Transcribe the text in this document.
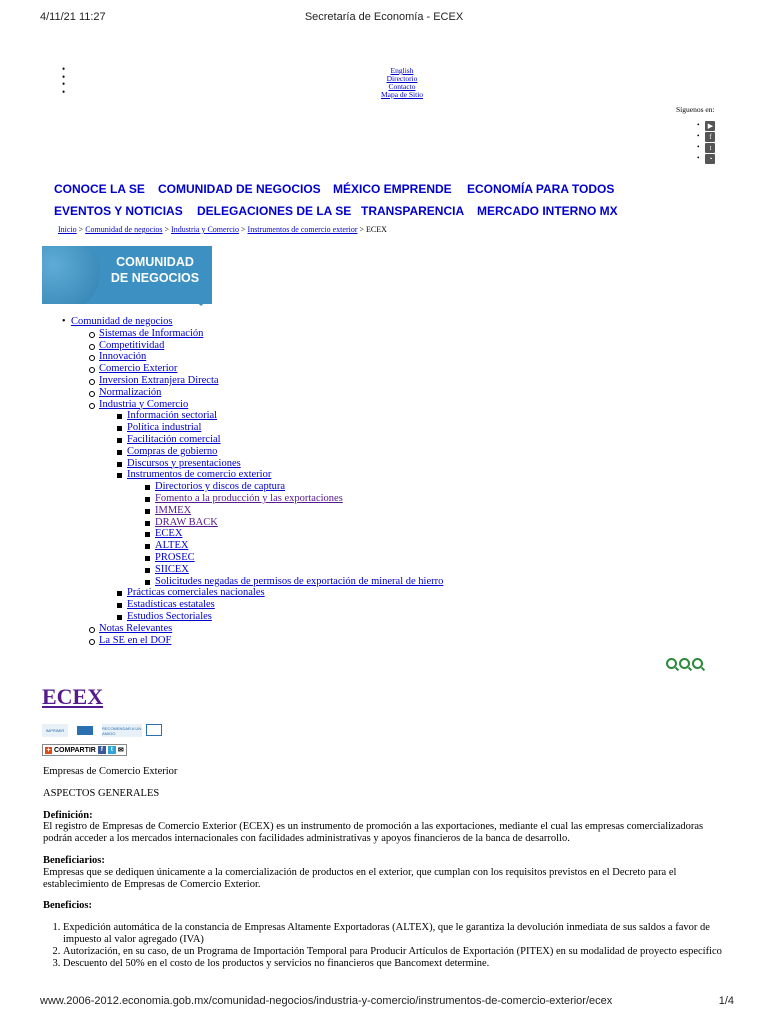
4/11/21 11:27	Secretaría de Economía - ECEX
•
•
•
•
English
Directorio
Contacto
Mapa de Sitio
Síguenos en:
•	▶
•	f
•	t
•	◔
CONOCE LA SE COMUNIDAD DE NEGOCIOS MÉXICO EMPRENDE ECONOMÍA PARA TODOS
EVENTOS Y NOTICIAS DELEGACIONES DE LA SE TRANSPARENCIA MERCADO INTERNO MX
Inicio > Comunidad de negocios > Industria y Comercio > Instrumentos de comercio exterior > ECEX
COMUNIDAD
DE NEGOCIOS
• Comunidad de negocios
Sistemas de Información
Competitividad
Innovación
Comercio Exterior
Inversion Extranjera Directa
Normalización
Industria y Comercio
Información sectorial
Política industrial
Facilitación comercial
Compras de gobierno
Discursos y presentaciones
Instrumentos de comercio exterior
Directorios y discos de captura
Fomento a la producción y las exportaciones
IMMEX
DRAW BACK
ECEX
ALTEX
PROSEC
SIICEX
Solicitudes negadas de permisos de exportación de mineral de hierro
Prácticas comerciales nacionales
Estadísticas estatales
Estudios Sectoriales
Notas Relevantes
La SE en el DOF
ECEX
IMPRIMIR	RECOMENDAR A UN AMIGO
+ COMPARTIR f	t ✉

Empresas de Comercio Exterior

ASPECTOS GENERALES

Definición:

El registro de Empresas de Comercio Exterior (ECEX) es un instrumento de promoción a las exportaciones, mediante el cual las empresas comercializadoras podrán acceder a los mercados internacionales con facilidades administrativas y apoyos financieros de la banca de desarrollo.

Beneficiarios:

Empresas que se dediquen únicamente a la comercialización de productos en el exterior, que cumplan con los requisitos previstos en el Decreto para el establecimiento de Empresas de Comercio Exterior.

Beneficios:

1. Expedición automática de la constancia de Empresas Altamente Exportadoras (ALTEX), que le garantiza la devolución inmediata de sus saldos a favor de impuesto al valor agregado (IVA)
2. Autorización, en su caso, de un Programa de Importación Temporal para Producir Artículos de Exportación (PITEX) en su modalidad de proyecto específico
3. Descuento del 50% en el costo de los productos y servicios no financieros que Bancomext determine.
www.2006-2012.economia.gob.mx/comunidad-negocios/industria-y-comercio/instrumentos-de-comercio-exterior/ecex	1/4
